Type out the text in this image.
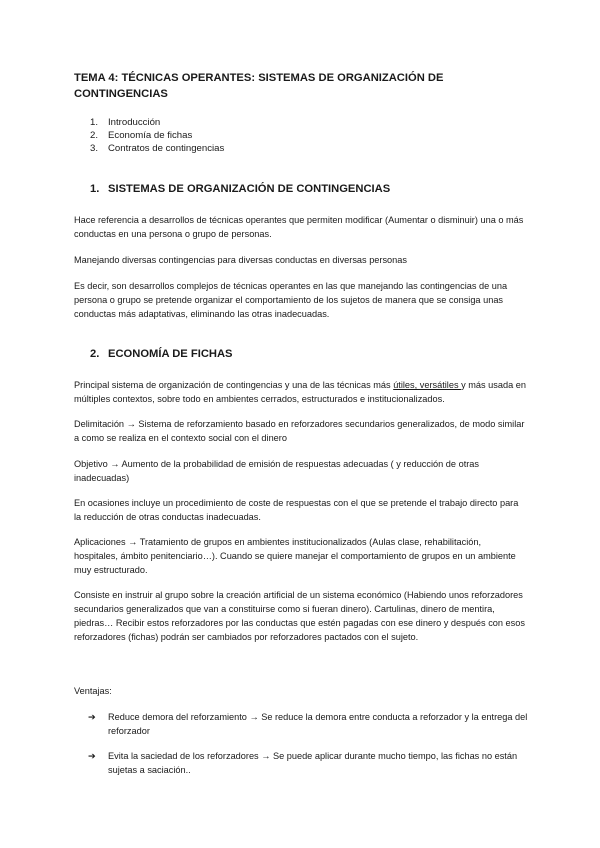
TEMA 4: TÉCNICAS OPERANTES: SISTEMAS DE ORGANIZACIÓN DE CONTINGENCIAS
1.	Introducción
2.	Economía de fichas
3.	Contratos de contingencias
1. SISTEMAS DE ORGANIZACIÓN DE CONTINGENCIAS

Hace referencia a desarrollos de técnicas operantes que permiten modificar (Aumentar o disminuir) una o más conductas en una persona o grupo de personas.

Manejando diversas contingencias para diversas conductas en diversas personas

Es decir, son desarrollos complejos de técnicas operantes en las que manejando las contingencias de una persona o grupo se pretende organizar el comportamiento de los sujetos de manera que se consiga unas conductas más adaptativas, eliminando las otras inadecuadas.

2. ECONOMÍA DE FICHAS

Principal sistema de organización de contingencias y una de las técnicas más útiles, versátiles y más usada en múltiples contextos, sobre todo en ambientes cerrados, estructurados e institucionalizados.

Delimitación → Sistema de reforzamiento basado en reforzadores secundarios generalizados, de modo similar a como se realiza en el contexto social con el dinero

Objetivo → Aumento de la probabilidad de emisión de respuestas adecuadas ( y reducción de otras inadecuadas)

En ocasiones incluye un procedimiento de coste de respuestas con el que se pretende el trabajo directo para la reducción de otras conductas inadecuadas.

Aplicaciones → Tratamiento de grupos en ambientes institucionalizados (Aulas clase, rehabilitación, hospitales, ámbito penitenciario…). Cuando se quiere manejar el comportamiento de grupos en un ambiente muy estructurado.

Consiste en instruir al grupo sobre la creación artificial de un sistema económico (Habiendo unos reforzadores secundarios generalizados que van a constituirse como si fueran dinero). Cartulinas, dinero de mentira, piedras… Recibir estos reforzadores por las conductas que estén pagadas con ese dinero y después con esos reforzadores (fichas) podrán ser cambiados por reforzadores pactados con el sujeto.

Ventajas:

➔	Reduce demora del reforzamiento → Se reduce la demora entre conducta a reforzador y la entrega del reforzador
➔	Evita la saciedad de los reforzadores → Se puede aplicar durante mucho tiempo, las fichas no están sujetas a saciación..
